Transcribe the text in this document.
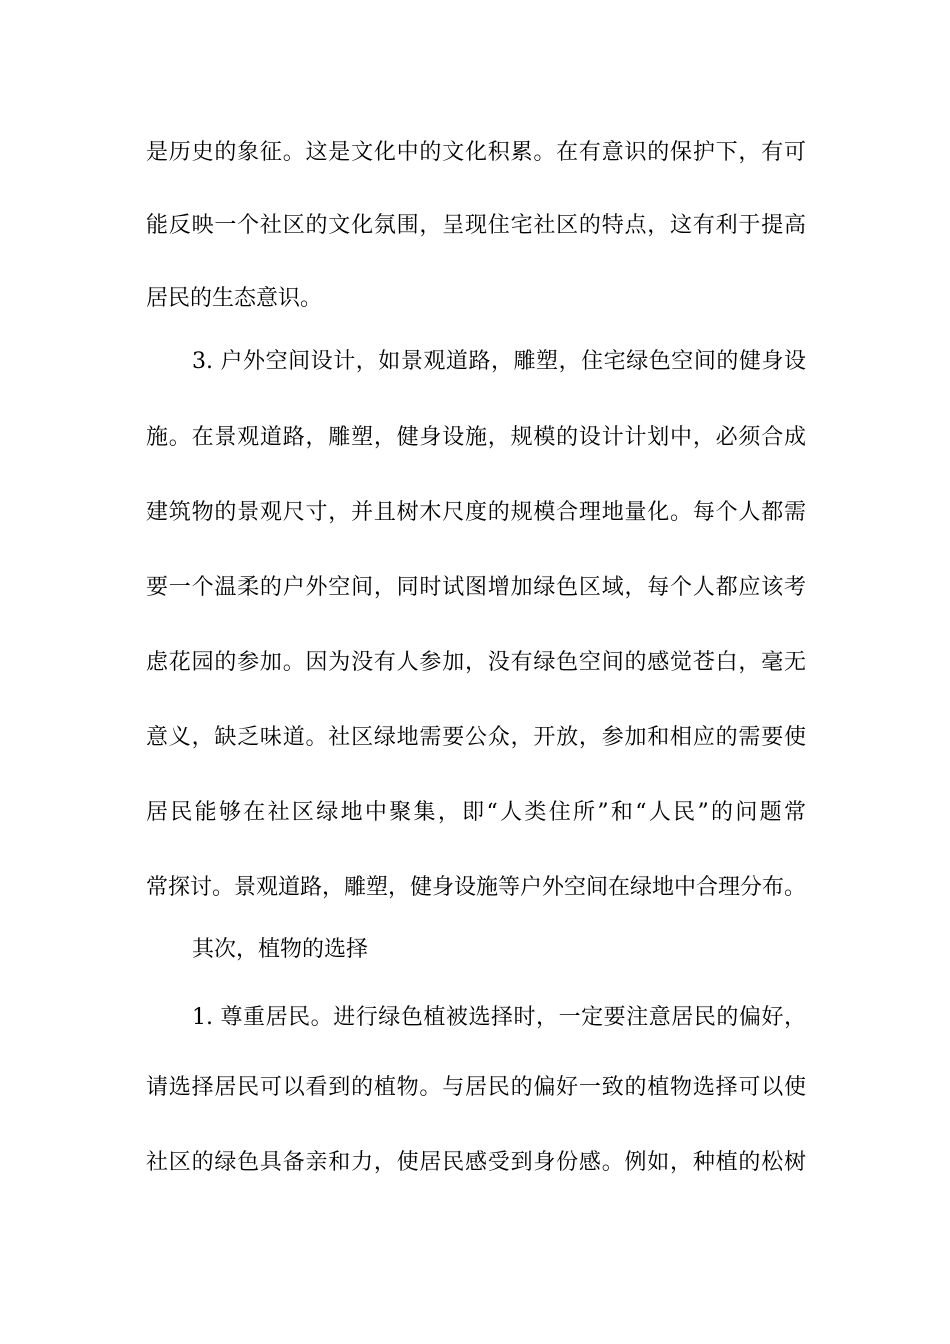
是历史的象征。这是文化中的文化积累。在有意识的保护下，有可
能反映一个社区的文化氛围，呈现住宅社区的特点，这有利于提高
居民的生态意识。
3. 户外空间设计，如景观道路，雕塑，住宅绿色空间的健身设
施。在景观道路，雕塑，健身设施，规模的设计计划中，必须合成
建筑物的景观尺寸，并且树木尺度的规模合理地量化。每个人都需
要一个温柔的户外空间，同时试图增加绿色区域，每个人都应该考
虑花园的参加。因为没有人参加，没有绿色空间的感觉苍白，毫无
意义，缺乏味道。社区绿地需要公众，开放，参加和相应的需要使
居民能够在社区绿地中聚集，即“人类住所”和“人民”的问题常
常探讨。景观道路，雕塑，健身设施等户外空间在绿地中合理分布。
其次，植物的选择
1. 尊重居民。进行绿色植被选择时，一定要注意居民的偏好，
请选择居民可以看到的植物。与居民的偏好一致的植物选择可以使
社区的绿色具备亲和力，使居民感受到身份感。例如，种植的松树
